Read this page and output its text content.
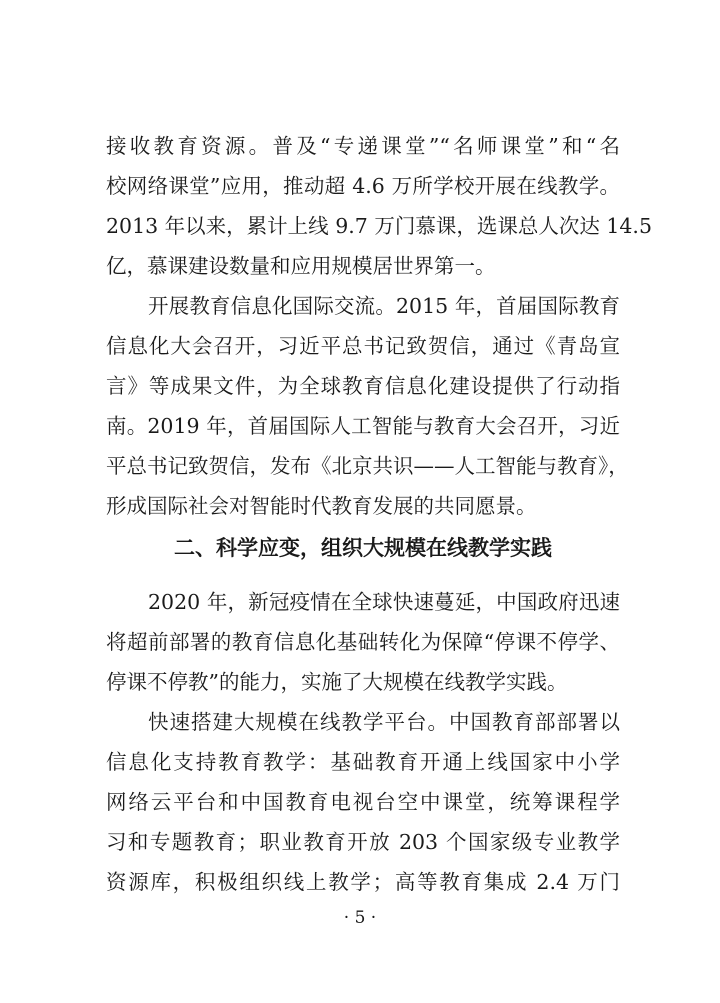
接收教育资源。普及“专递课堂”“名师课堂”和“名
校网络课堂”应用，推动超 4.6 万所学校开展在线教学。
2013 年以来，累计上线 9.7 万门慕课，选课总人次达 14.5
亿，慕课建设数量和应用规模居世界第一。
开展教育信息化国际交流。2015 年，首届国际教育
信息化大会召开，习近平总书记致贺信，通过《青岛宣
言》等成果文件，为全球教育信息化建设提供了行动指
南。2019 年，首届国际人工智能与教育大会召开，习近
平总书记致贺信，发布《北京共识——人工智能与教育》，
形成国际社会对智能时代教育发展的共同愿景。
二、科学应变，组织大规模在线教学实践
2020 年，新冠疫情在全球快速蔓延，中国政府迅速
将超前部署的教育信息化基础转化为保障“停课不停学、
停课不停教”的能力，实施了大规模在线教学实践。
快速搭建大规模在线教学平台。中国教育部部署以
信息化支持教育教学：基础教育开通上线国家中小学
网络云平台和中国教育电视台空中课堂，统筹课程学
习和专题教育；职业教育开放 203 个国家级专业教学
资源库，积极组织线上教学；高等教育集成 2.4 万门
· 5 ·
